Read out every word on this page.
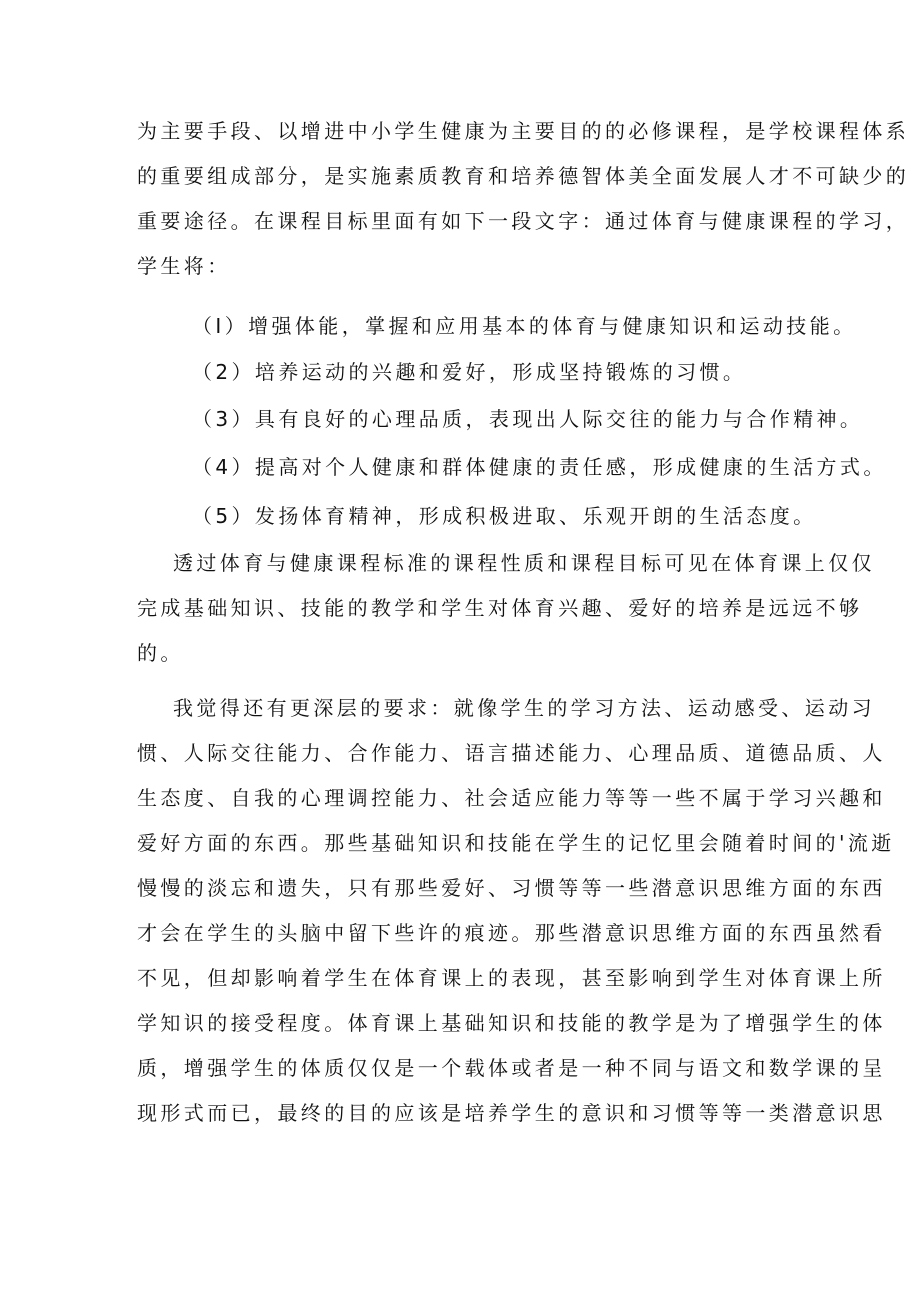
为主要手段、以增进中小学生健康为主要目的的必修课程，是学校课程体系

的重要组成部分，是实施素质教育和培养德智体美全面发展人才不可缺少的

重要途径。在课程目标里面有如下一段文字：通过体育与健康课程的学习，

学生将：

（I）增强体能，掌握和应用基本的体育与健康知识和运动技能。

（2）培养运动的兴趣和爱好，形成坚持锻炼的习惯。

（3）具有良好的心理品质，表现出人际交往的能力与合作精神。

（4）提高对个人健康和群体健康的责任感，形成健康的生活方式。

（5）发扬体育精神，形成积极进取、乐观开朗的生活态度。

透过体育与健康课程标准的课程性质和课程目标可见在体育课上仅仅

完成基础知识、技能的教学和学生对体育兴趣、爱好的培养是远远不够

的。

我觉得还有更深层的要求：就像学生的学习方法、运动感受、运动习

惯、人际交往能力、合作能力、语言描述能力、心理品质、道德品质、人

生态度、自我的心理调控能力、社会适应能力等等一些不属于学习兴趣和

爱好方面的东西。那些基础知识和技能在学生的记忆里会随着时间的'流逝

慢慢的淡忘和遗失，只有那些爱好、习惯等等一些潜意识思维方面的东西

才会在学生的头脑中留下些许的痕迹。那些潜意识思维方面的东西虽然看

不见，但却影响着学生在体育课上的表现，甚至影响到学生对体育课上所

学知识的接受程度。体育课上基础知识和技能的教学是为了增强学生的体

质，增强学生的体质仅仅是一个载体或者是一种不同与语文和数学课的呈

现形式而已，最终的目的应该是培养学生的意识和习惯等等一类潜意识思
